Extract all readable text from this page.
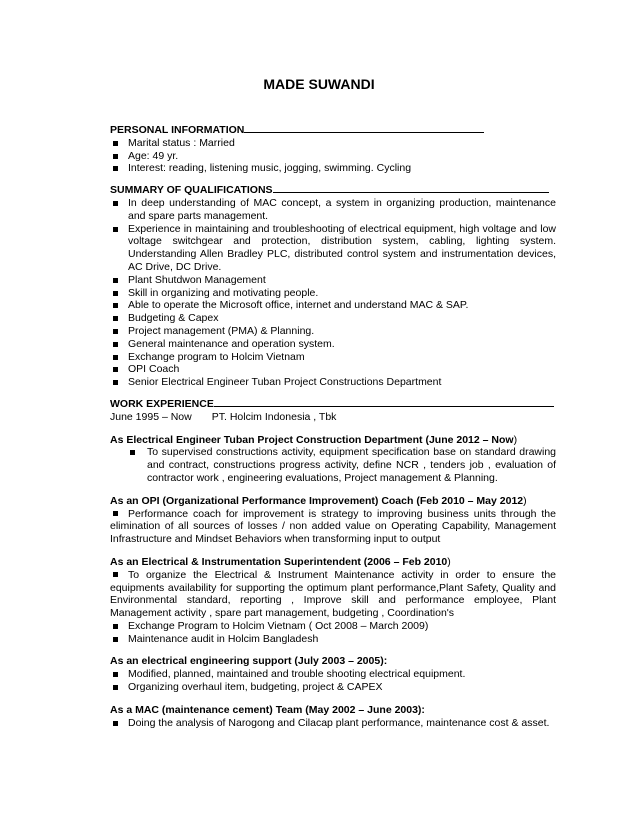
MADE SUWANDI
PERSONAL INFORMATION
Marital status : Married
Age: 49 yr.
Interest: reading, listening music, jogging, swimming. Cycling
SUMMARY OF QUALIFICATIONS
In deep understanding of MAC concept, a system in organizing production, maintenance and spare parts management.
Experience in maintaining and troubleshooting of electrical equipment, high voltage and low voltage switchgear and protection, distribution system, cabling, lighting system. Understanding Allen Bradley PLC, distributed control system and instrumentation devices, AC Drive, DC Drive.
Plant Shutdwon Management
Skill in organizing and motivating people.
Able to operate the Microsoft office, internet and understand MAC & SAP.
Budgeting & Capex
Project management (PMA) & Planning.
General maintenance and operation system.
Exchange program to Holcim Vietnam
OPI Coach
Senior Electrical Engineer Tuban Project Constructions Department
WORK EXPERIENCE
June 1995 – Now PT. Holcim Indonesia , Tbk
As Electrical Engineer Tuban Project Construction Department (June 2012 – Now)
To supervised constructions activity, equipment specification base on standard drawing and contract, constructions progress activity, define NCR , tenders job , evaluation of contractor work , engineering evaluations, Project management & Planning.
As an OPI (Organizational Performance Improvement) Coach (Feb 2010 – May 2012)
Performance coach for improvement is strategy to improving business units through the elimination of all sources of losses / non added value on Operating Capability, Management Infrastructure and Mindset Behaviors when transforming input to output
As an Electrical & Instrumentation Superintendent (2006 – Feb 2010)
To organize the Electrical & Instrument Maintenance activity in order to ensure the equipments availability for supporting the optimum plant performance,Plant Safety, Quality and Environmental standard, reporting , Improve skill and performance employee, Plant Management activity , spare part management, budgeting , Coordination's
Exchange Program to Holcim Vietnam ( Oct 2008 – March 2009)
Maintenance audit in Holcim Bangladesh
As an electrical engineering support (July 2003 – 2005):
Modified, planned, maintained and trouble shooting electrical equipment.
Organizing overhaul item, budgeting, project & CAPEX
As a MAC (maintenance cement) Team (May 2002 – June 2003):
Doing the analysis of Narogong and Cilacap plant performance, maintenance cost & asset.
